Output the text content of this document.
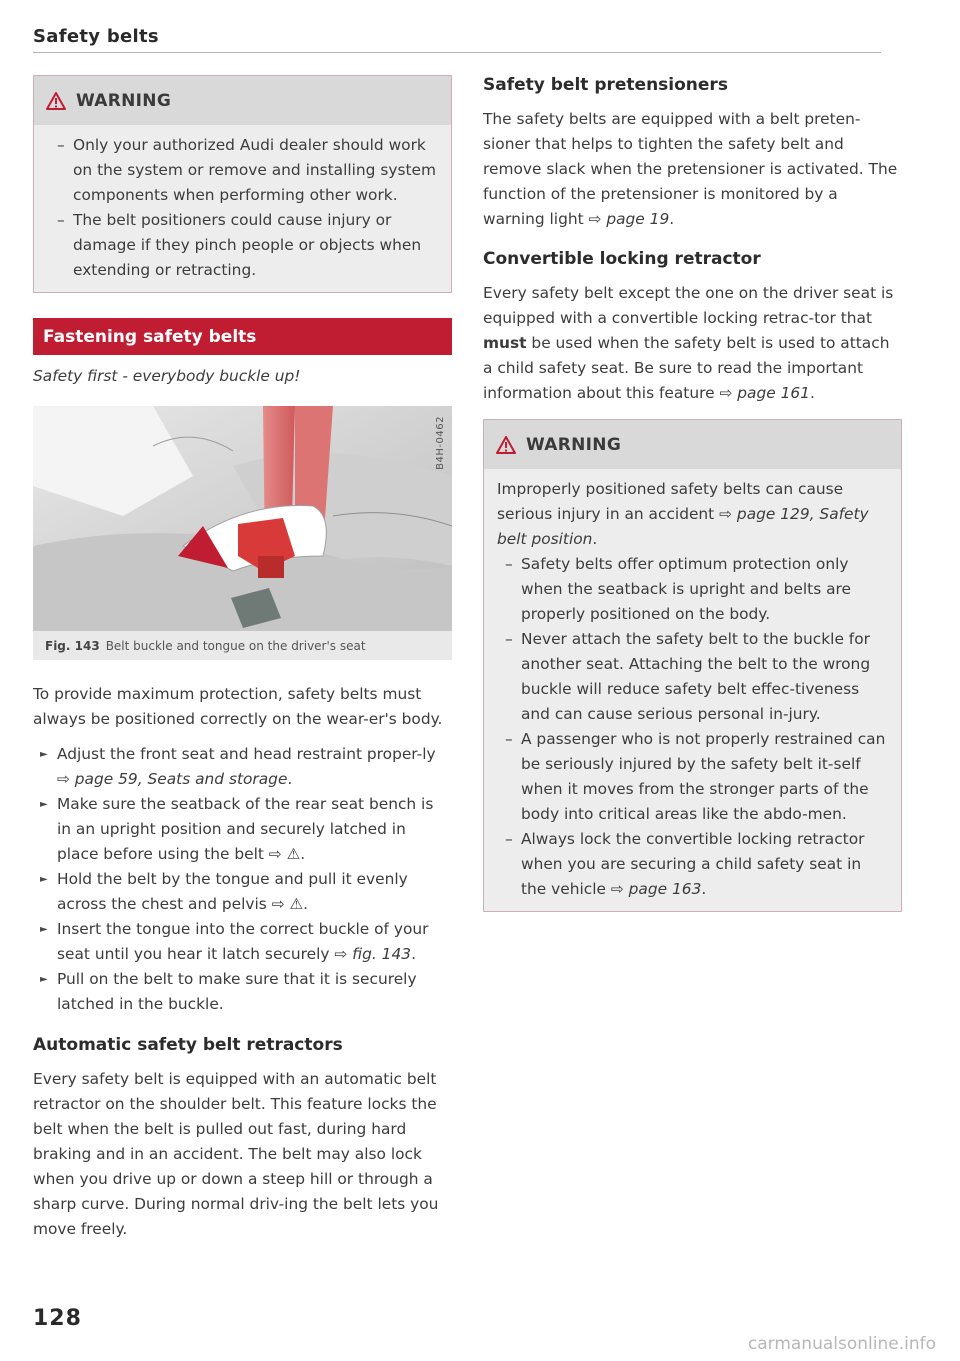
Safety belts
WARNING
– Only your authorized Audi dealer should work on the system or remove and installing system components when performing other work.
– The belt positioners could cause injury or damage if they pinch people or objects when extending or retracting.
Fastening safety belts
Safety first - everybody buckle up!
B4H-0462
Fig. 143 Belt buckle and tongue on the driver's seat
To provide maximum protection, safety belts must always be positioned correctly on the wear-er's body.
► Adjust the front seat and head restraint proper-ly ⇨ page 59, Seats and storage.
► Make sure the seatback of the rear seat bench is in an upright position and securely latched in place before using the belt ⇨ ⚠.
► Hold the belt by the tongue and pull it evenly across the chest and pelvis ⇨ ⚠.
► Insert the tongue into the correct buckle of your seat until you hear it latch securely ⇨ fig. 143.
► Pull on the belt to make sure that it is securely latched in the buckle.
Automatic safety belt retractors
Every safety belt is equipped with an automatic belt retractor on the shoulder belt. This feature locks the belt when the belt is pulled out fast, during hard braking and in an accident. The belt may also lock when you drive up or down a steep hill or through a sharp curve. During normal driv-ing the belt lets you move freely.
Safety belt pretensioners
The safety belts are equipped with a belt preten-sioner that helps to tighten the safety belt and remove slack when the pretensioner is activated. The function of the pretensioner is monitored by a warning light ⇨ page 19.
Convertible locking retractor
Every safety belt except the one on the driver seat is equipped with a convertible locking retrac-tor that must be used when the safety belt is used to attach a child safety seat. Be sure to read the important information about this feature ⇨ page 161.
WARNING
Improperly positioned safety belts can cause serious injury in an accident ⇨ page 129, Safety belt position.
– Safety belts offer optimum protection only when the seatback is upright and belts are properly positioned on the body.
– Never attach the safety belt to the buckle for another seat. Attaching the belt to the wrong buckle will reduce safety belt effec-tiveness and can cause serious personal in-jury.
– A passenger who is not properly restrained can be seriously injured by the safety belt it-self when it moves from the stronger parts of the body into critical areas like the abdo-men.
– Always lock the convertible locking retractor when you are securing a child safety seat in the vehicle ⇨ page 163.
128
carmanualsonline.info
